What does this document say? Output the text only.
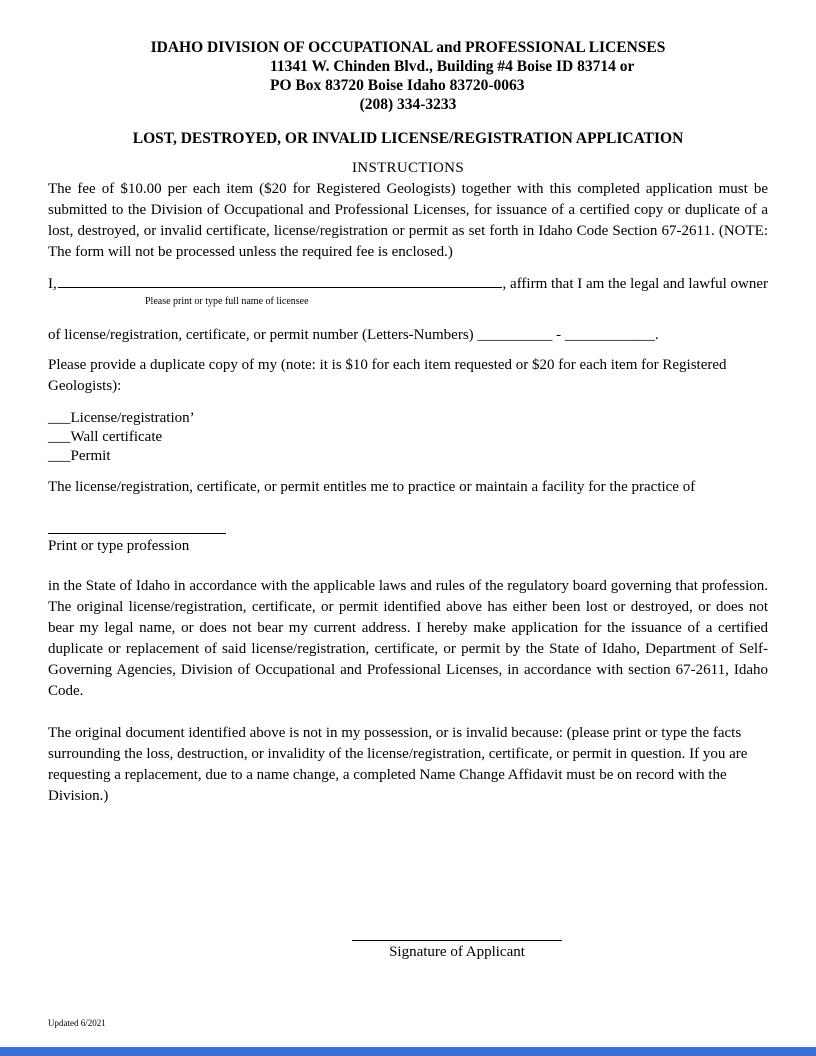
IDAHO DIVISION OF OCCUPATIONAL and PROFESSIONAL LICENSES
11341 W. Chinden Blvd., Building #4 Boise ID 83714 or
PO Box 83720 Boise Idaho 83720-0063
(208) 334-3233
LOST, DESTROYED, OR INVALID LICENSE/REGISTRATION APPLICATION
INSTRUCTIONS

The fee of $10.00 per each item ($20 for Registered Geologists) together with this completed application must be submitted to the Division of Occupational and Professional Licenses, for issuance of a certified copy or duplicate of a lost, destroyed, or invalid certificate, license/registration or permit as set forth in Idaho Code Section 67-2611. (NOTE: The form will not be processed unless the required fee is enclosed.)

I,	, affirm that I am the legal and lawful owner
Please print or type full name of licensee
of license/registration, certificate, or permit number (Letters-Numbers) __________ - ____________.

Please provide a duplicate copy of my (note: it is $10 for each item requested or $20 for each item for Registered Geologists):

___License/registration’
___Wall certificate
___Permit

The license/registration, certificate, or permit entitles me to practice or maintain a facility for the practice of

Print or type profession

in the State of Idaho in accordance with the applicable laws and rules of the regulatory board governing that profession. The original license/registration, certificate, or permit identified above has either been lost or destroyed, or does not bear my legal name, or does not bear my current address. I hereby make application for the issuance of a certified duplicate or replacement of said license/registration, certificate, or permit by the State of Idaho, Department of Self- Governing Agencies, Division of Occupational and Professional Licenses, in accordance with section 67-2611, Idaho Code.

The original document identified above is not in my possession, or is invalid because: (please print or type the facts surrounding the loss, destruction, or invalidity of the license/registration, certificate, or permit in question. If you are requesting a replacement, due to a name change, a completed Name Change Affidavit must be on record with the Division.)

Signature of Applicant
Updated 6/2021
